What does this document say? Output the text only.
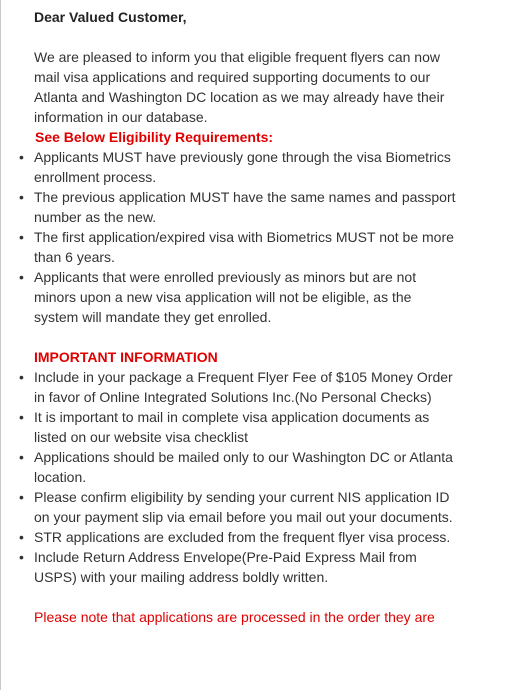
Dear Valued Customer,

We are pleased to inform you that eligible frequent flyers can now mail visa applications and required supporting documents to our Atlanta and Washington DC location as we may already have their information in our database.

See Below Eligibility Requirements:

• Applicants MUST have previously gone through the visa Biometrics enrollment process.
• The previous application MUST have the same names and passport number as the new.
• The first application/expired visa with Biometrics MUST not be more than 6 years.
• Applicants that were enrolled previously as minors but are not minors upon a new visa application will not be eligible, as the system will mandate they get enrolled.

IMPORTANT INFORMATION

• Include in your package a Frequent Flyer Fee of $105 Money Order in favor of Online Integrated Solutions Inc.(No Personal Checks)
• It is important to mail in complete visa application documents as listed on our website visa checklist
• Applications should be mailed only to our Washington DC or Atlanta location.
• Please confirm eligibility by sending your current NIS application ID on your payment slip via email before you mail out your documents.
• STR applications are excluded from the frequent flyer visa process.
• Include Return Address Envelope(Pre-Paid Express Mail from USPS) with your mailing address boldly written.

Please note that applications are processed in the order they are
